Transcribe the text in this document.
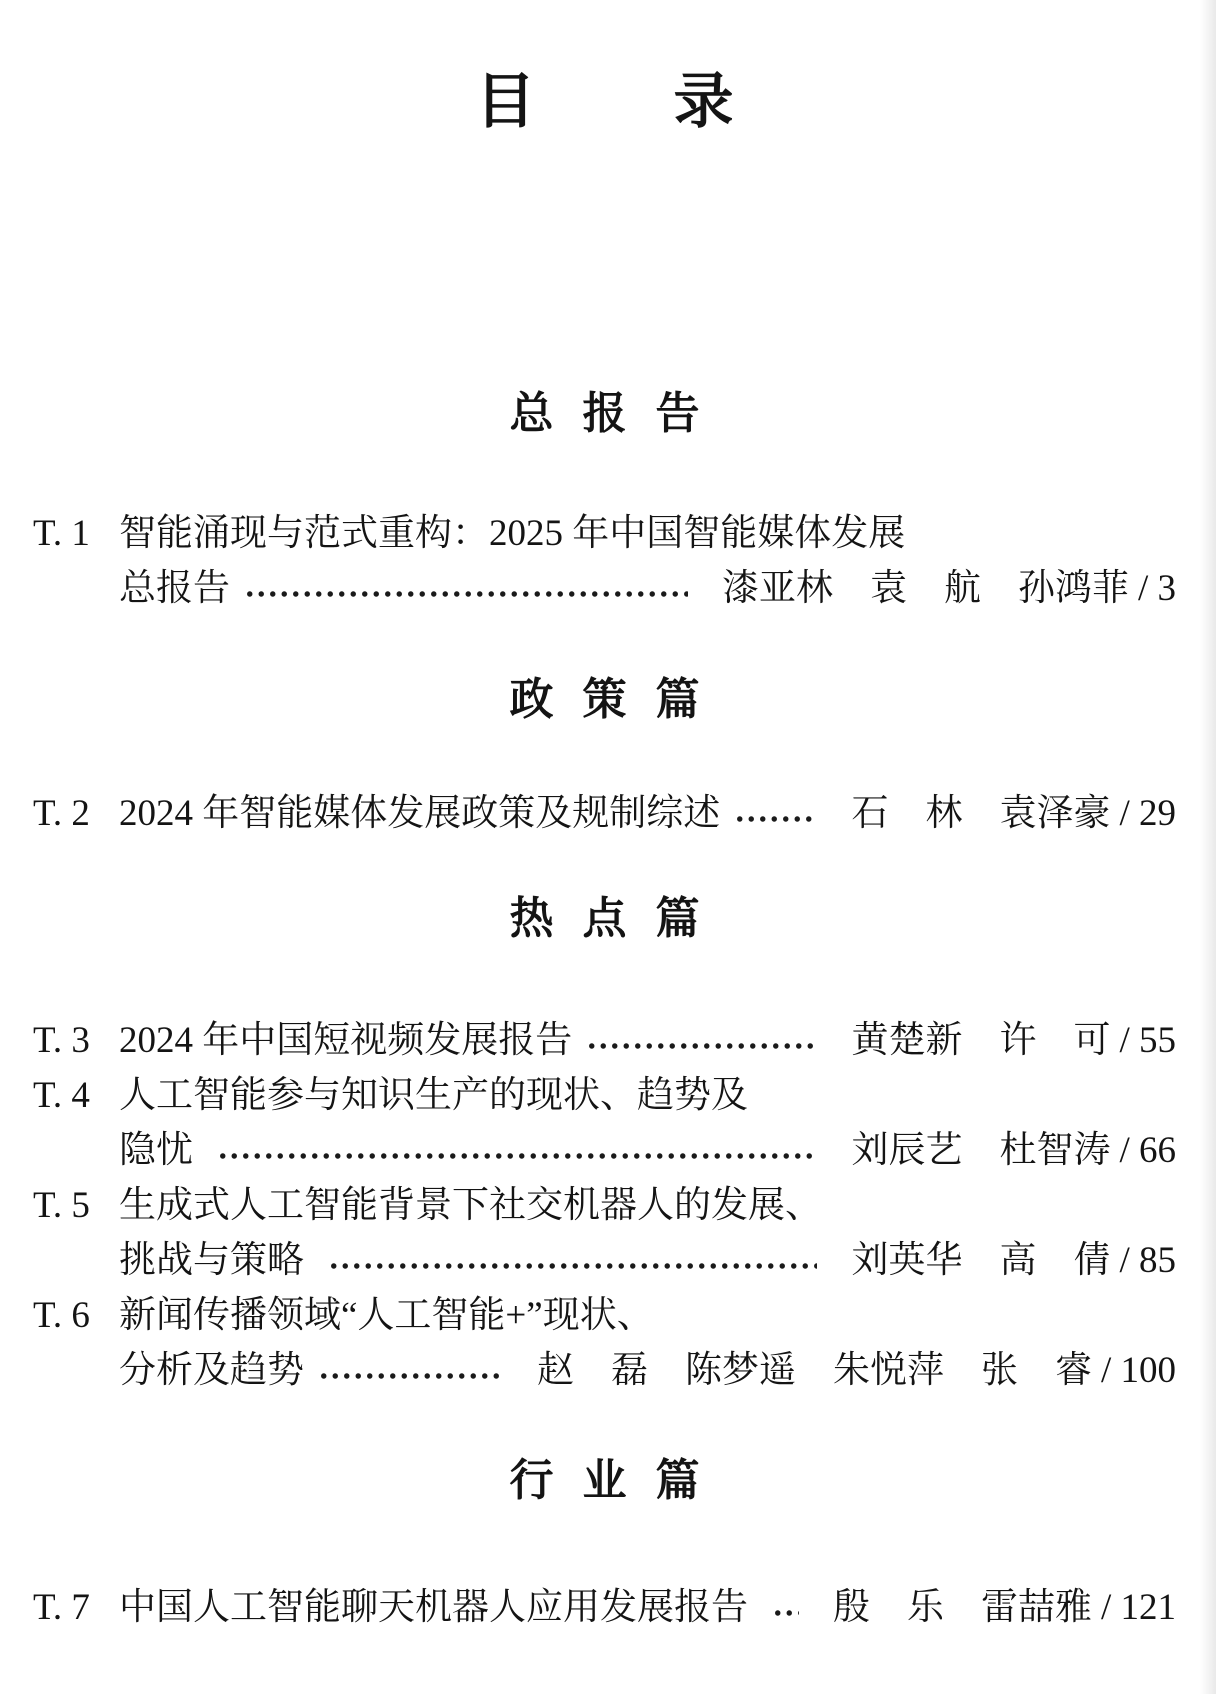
目录
总报告
T. 1 智能涌现与范式重构：2025 年中国智能媒体发展
总报告	漆亚林　袁　航　孙鸿菲 / 3
政策篇
T. 2 2024 年智能媒体发展政策及规制综述	石　林　袁泽豪 / 29
热点篇
T. 3 2024 年中国短视频发展报告	黄楚新　许　可 / 55
T. 4 人工智能参与知识生产的现状、趋势及
隐忧	刘辰艺　杜智涛 / 66
T. 5 生成式人工智能背景下社交机器人的发展、
挑战与策略	刘英华　高　倩 / 85
T. 6 新闻传播领域“人工智能+”现状、
分析及趋势	赵　磊　陈梦遥　朱悦萍　张　睿 / 100
行业篇
T. 7 中国人工智能聊天机器人应用发展报告 殷　乐　雷喆雅 / 121
